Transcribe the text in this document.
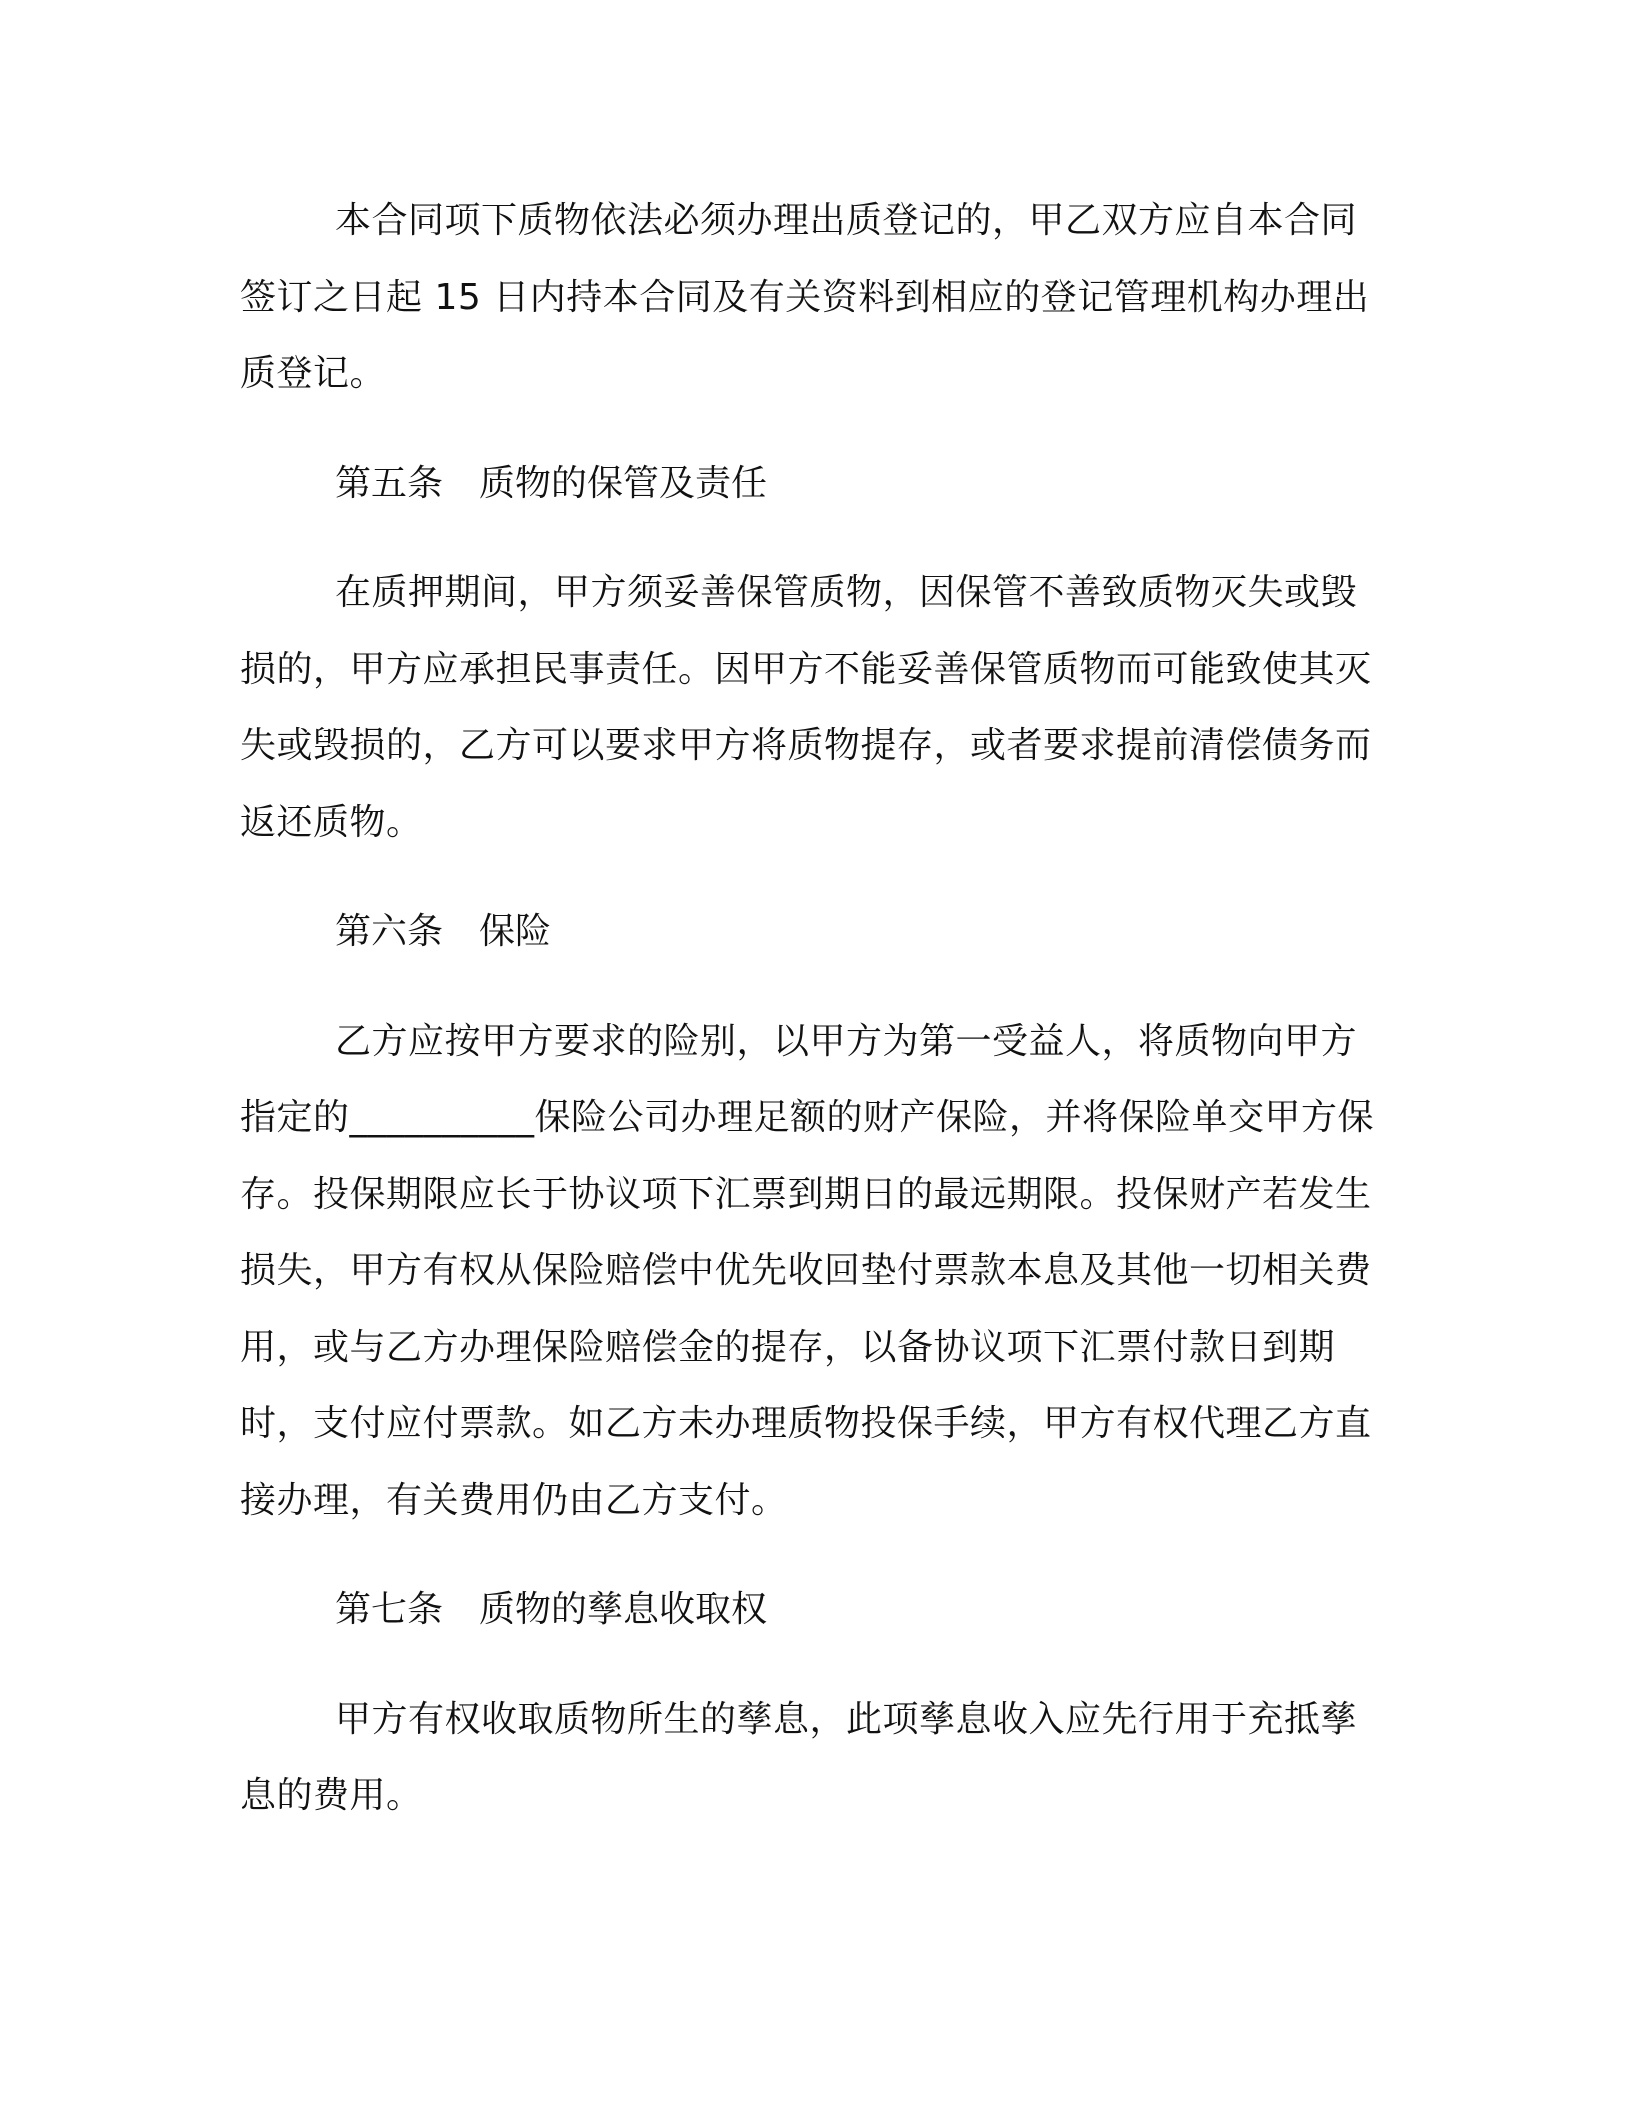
本合同项下质物依法必须办理出质登记的，甲乙双方应自本合同签订之日起 15 日内持本合同及有关资料到相应的登记管理机构办理出质登记。

第五条 质物的保管及责任

在质押期间，甲方须妥善保管质物，因保管不善致质物灭失或毁损的，甲方应承担民事责任。因甲方不能妥善保管质物而可能致使其灭失或毁损的，乙方可以要求甲方将质物提存，或者要求提前清偿债务而返还质物。

第六条 保险

乙方应按甲方要求的险别，以甲方为第一受益人，将质物向甲方指定的__________保险公司办理足额的财产保险，并将保险单交甲方保存。投保期限应长于协议项下汇票到期日的最远期限。投保财产若发生损失，甲方有权从保险赔偿中优先收回垫付票款本息及其他一切相关费用，或与乙方办理保险赔偿金的提存，以备协议项下汇票付款日到期时，支付应付票款。如乙方未办理质物投保手续，甲方有权代理乙方直接办理，有关费用仍由乙方支付。

第七条 质物的孳息收取权

甲方有权收取质物所生的孳息，此项孳息收入应先行用于充抵孳息的费用。
